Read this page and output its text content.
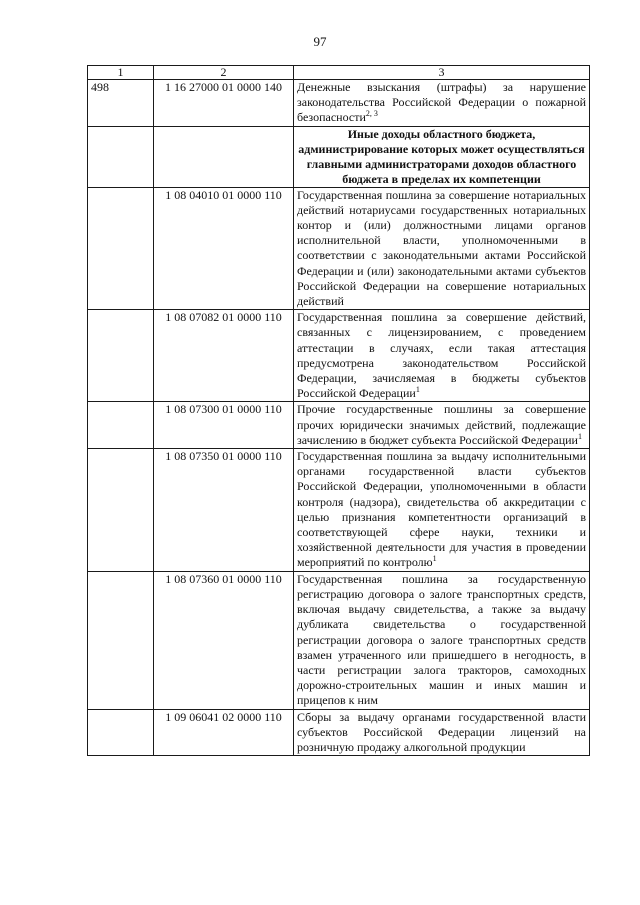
97
1	2	3
498	1 16 27000 01 0000 140	Денежные взыскания (штрафы) за нарушение законодательства Российской Федерации о пожарной безопасности$^{2, 3}$
		Иные доходы областного бюджета, администрирование которых может осуществляться главными администраторами доходов областного бюджета в пределах их компетенции
	1 08 04010 01 0000 110	Государственная пошлина за совершение нотариальных действий нотариусами государственных нотариальных контор и (или) должностными лицами органов исполнительной власти, уполномоченными в соответствии с законодательными актами Российской Федерации и (или) законодательными актами субъектов Российской Федерации на совершение нотариальных действий
	1 08 07082 01 0000 110	Государственная пошлина за совершение действий, связанных с лицензированием, с проведением аттестации в случаях, если такая аттестация предусмотрена законодательством Российской Федерации, зачисляемая в бюджеты субъектов Российской Федерации$^1$
	1 08 07300 01 0000 110	Прочие государственные пошлины за совершение прочих юридически значимых действий, подлежащие зачислению в бюджет субъекта Российской Федерации$^1$
	1 08 07350 01 0000 110	Государственная пошлина за выдачу исполнительными органами государственной власти субъектов Российской Федерации, уполномоченными в области контроля (надзора), свидетельства об аккредитации с целью признания компетентности организаций в соответствующей сфере науки, техники и хозяйственной деятельности для участия в проведении мероприятий по контролю$^1$
	1 08 07360 01 0000 110	Государственная пошлина за государственную регистрацию договора о залоге транспортных средств, включая выдачу свидетельства, а также за выдачу дубликата свидетельства о государственной регистрации договора о залоге транспортных средств взамен утраченного или пришедшего в негодность, в части регистрации залога тракторов, самоходных дорожно-строительных машин и иных машин и прицепов к ним
	1 09 06041 02 0000 110	Сборы за выдачу органами государственной власти субъектов Российской Федерации лицензий на розничную продажу алкогольной продукции
